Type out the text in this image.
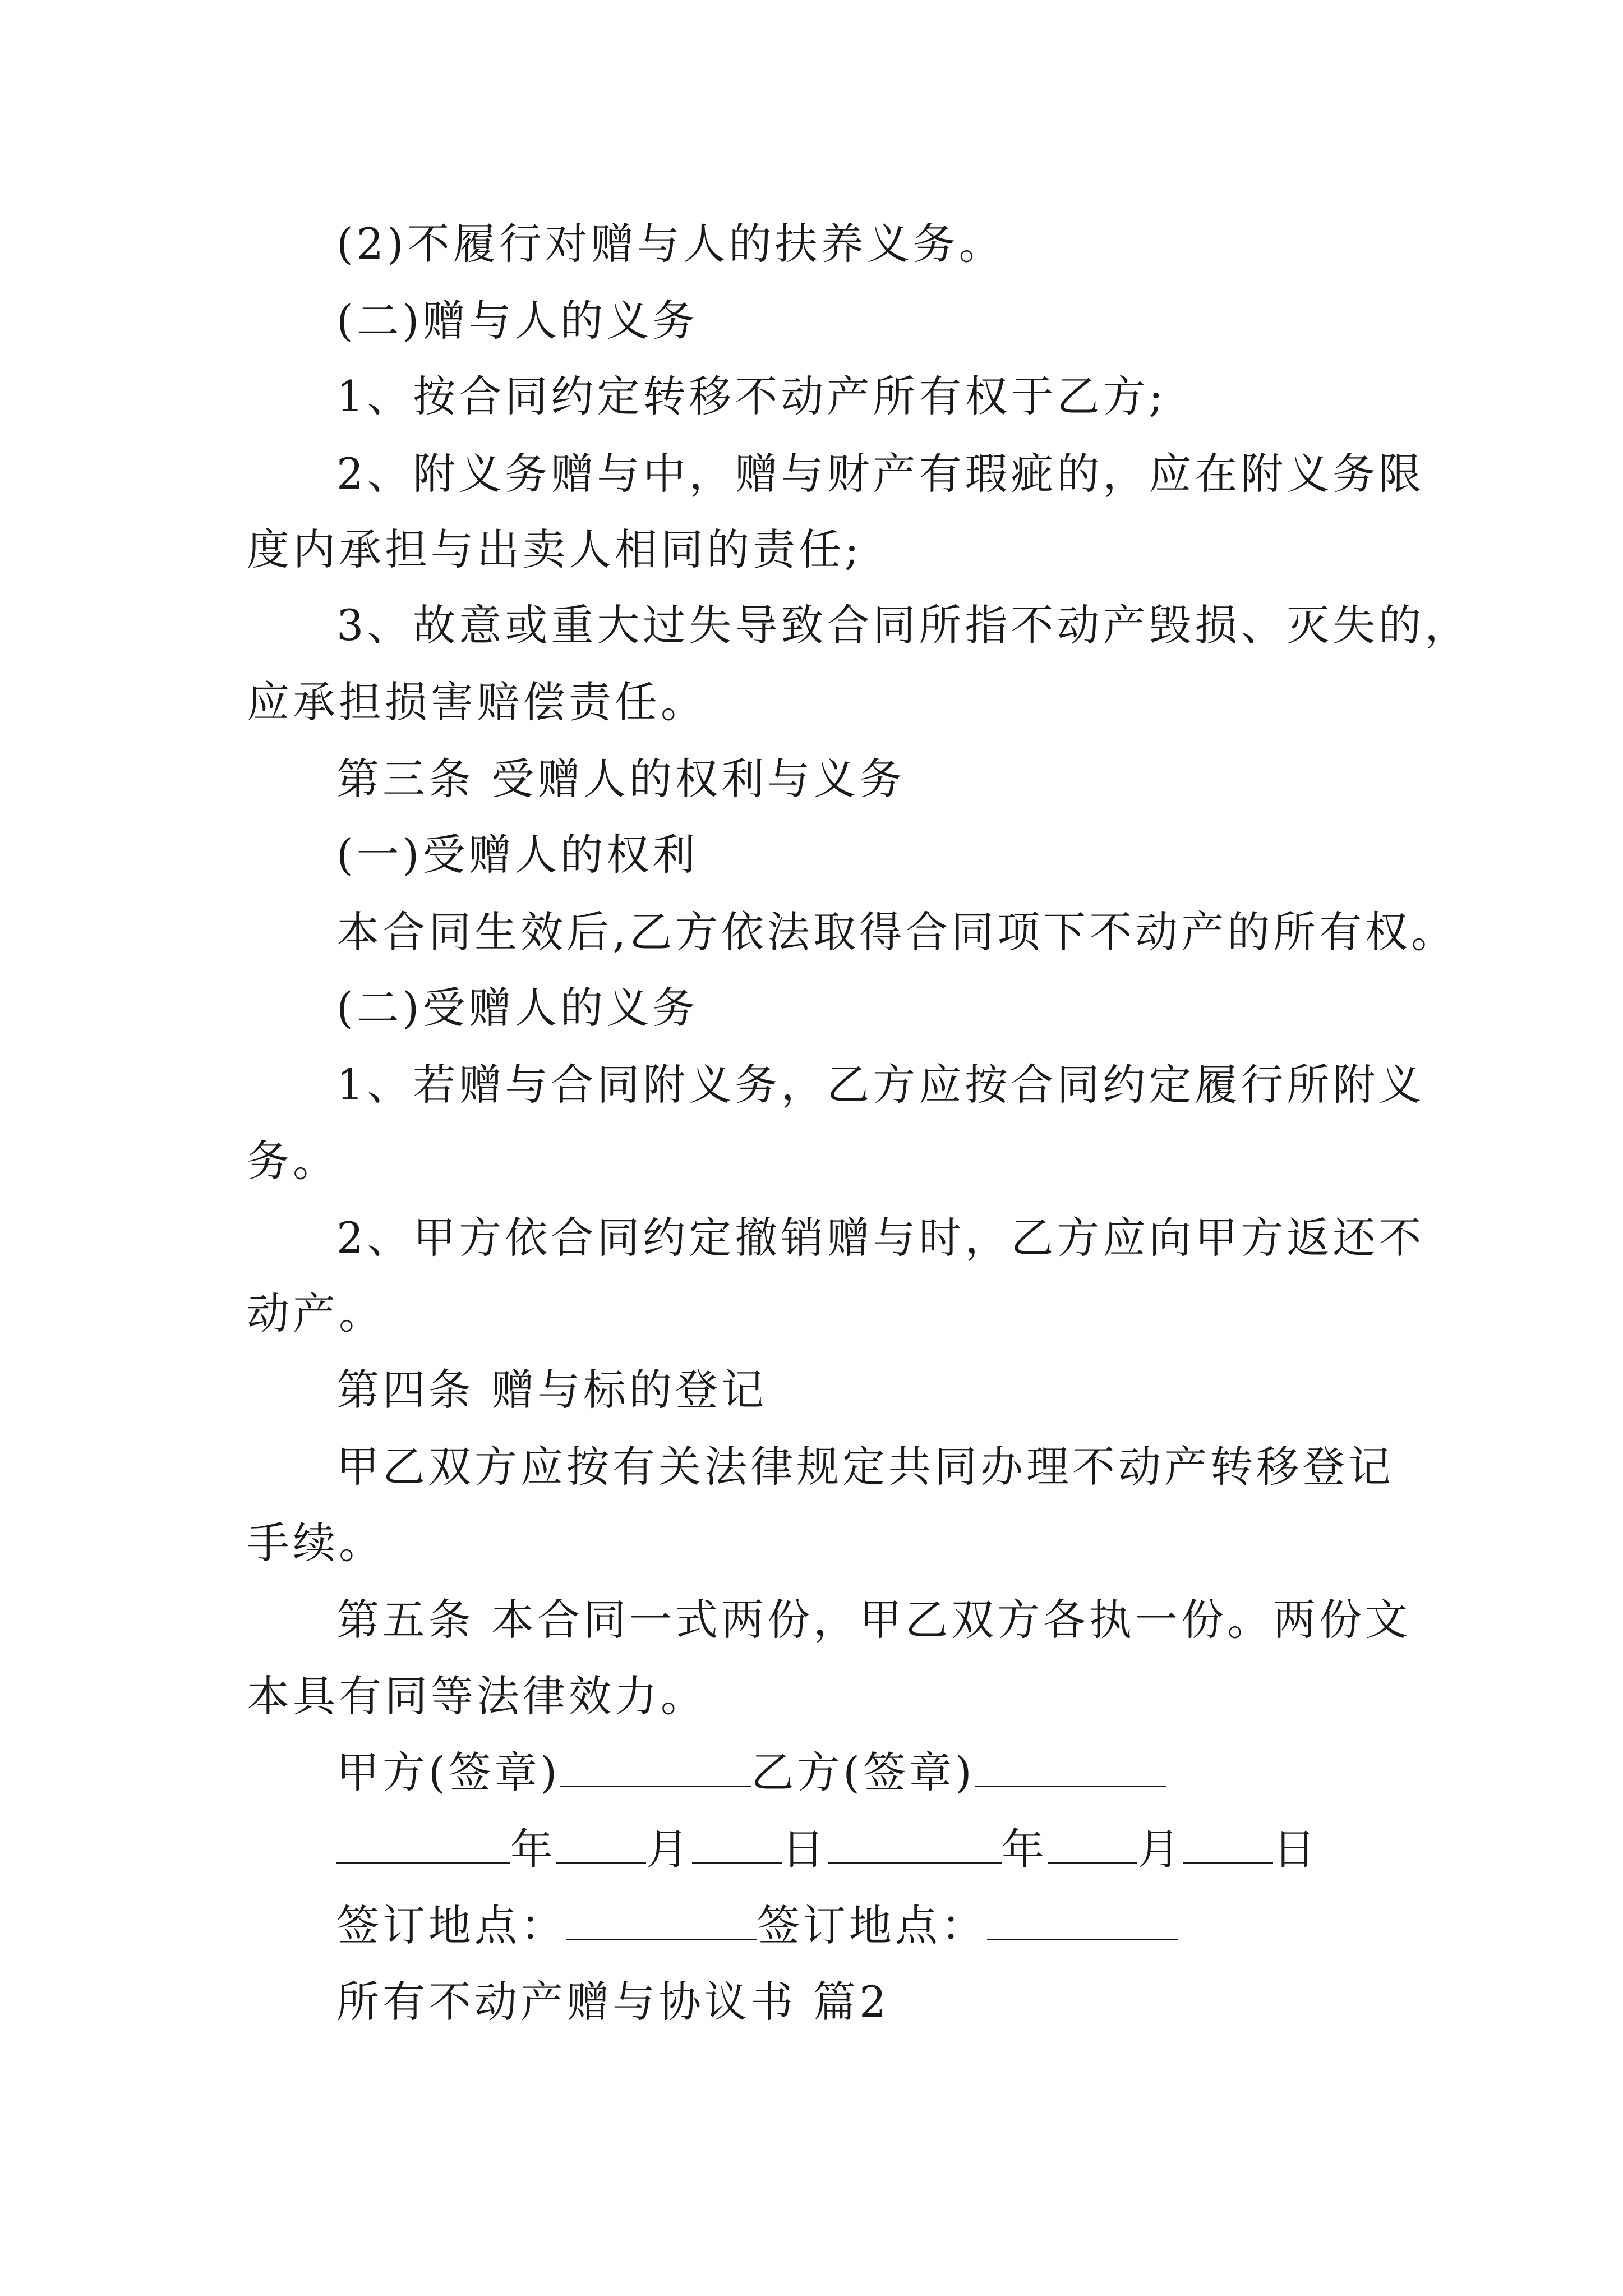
(2)不履行对赠与人的扶养义务。
(二)赠与人的义务
1、按合同约定转移不动产所有权于乙方;
2、附义务赠与中，赠与财产有瑕疵的，应在附义务限
度内承担与出卖人相同的责任;
3、故意或重大过失导致合同所指不动产毁损、灭失的，
应承担损害赔偿责任。
第三条 受赠人的权利与义务
(一)受赠人的权利
本合同生效后,乙方依法取得合同项下不动产的所有权。
(二)受赠人的义务
1、若赠与合同附义务，乙方应按合同约定履行所附义
务。
2、甲方依合同约定撤销赠与时，乙方应向甲方返还不
动产。
第四条 赠与标的登记
甲乙双方应按有关法律规定共同办理不动产转移登记
手续。
第五条 本合同一式两份，甲乙双方各执一份。两份文
本具有同等法律效力。
甲方(签章)	乙方(签章)
年 月 日	年 月 日
签订地点：	签订地点：
所有不动产赠与协议书 篇2
